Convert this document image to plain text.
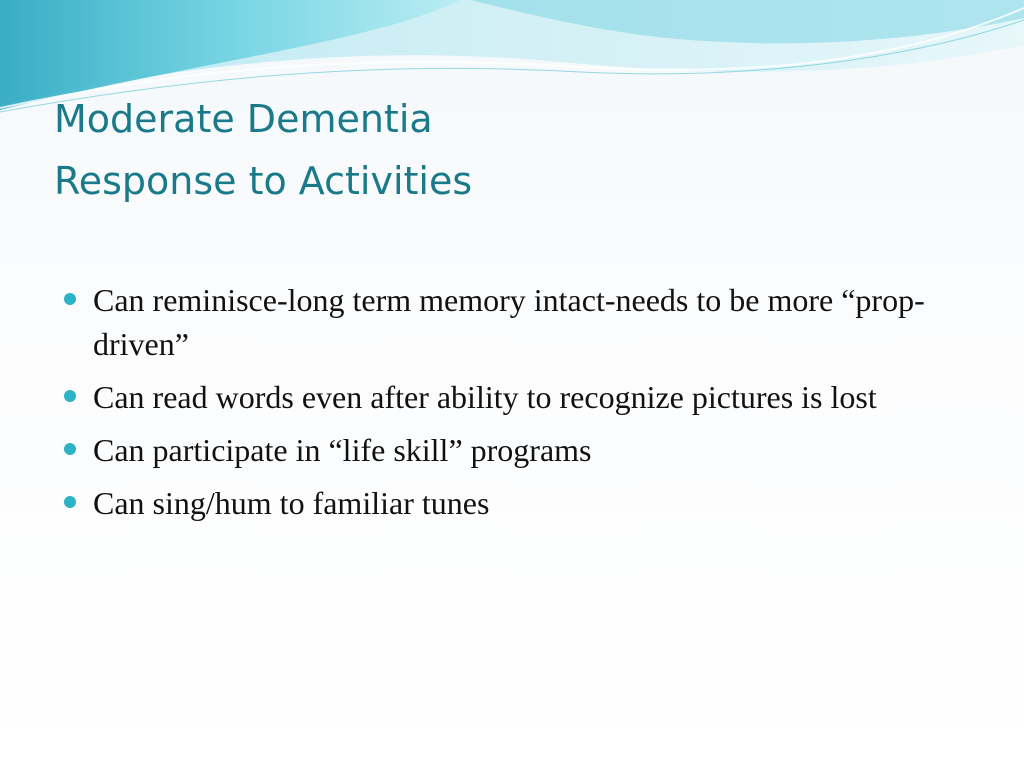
Moderate Dementia
Response to Activities
Can reminisce-long term memory intact-needs to be more “prop-driven”
Can read words even after ability to recognize pictures is lost
Can participate in “life skill” programs
Can sing/hum to familiar tunes
